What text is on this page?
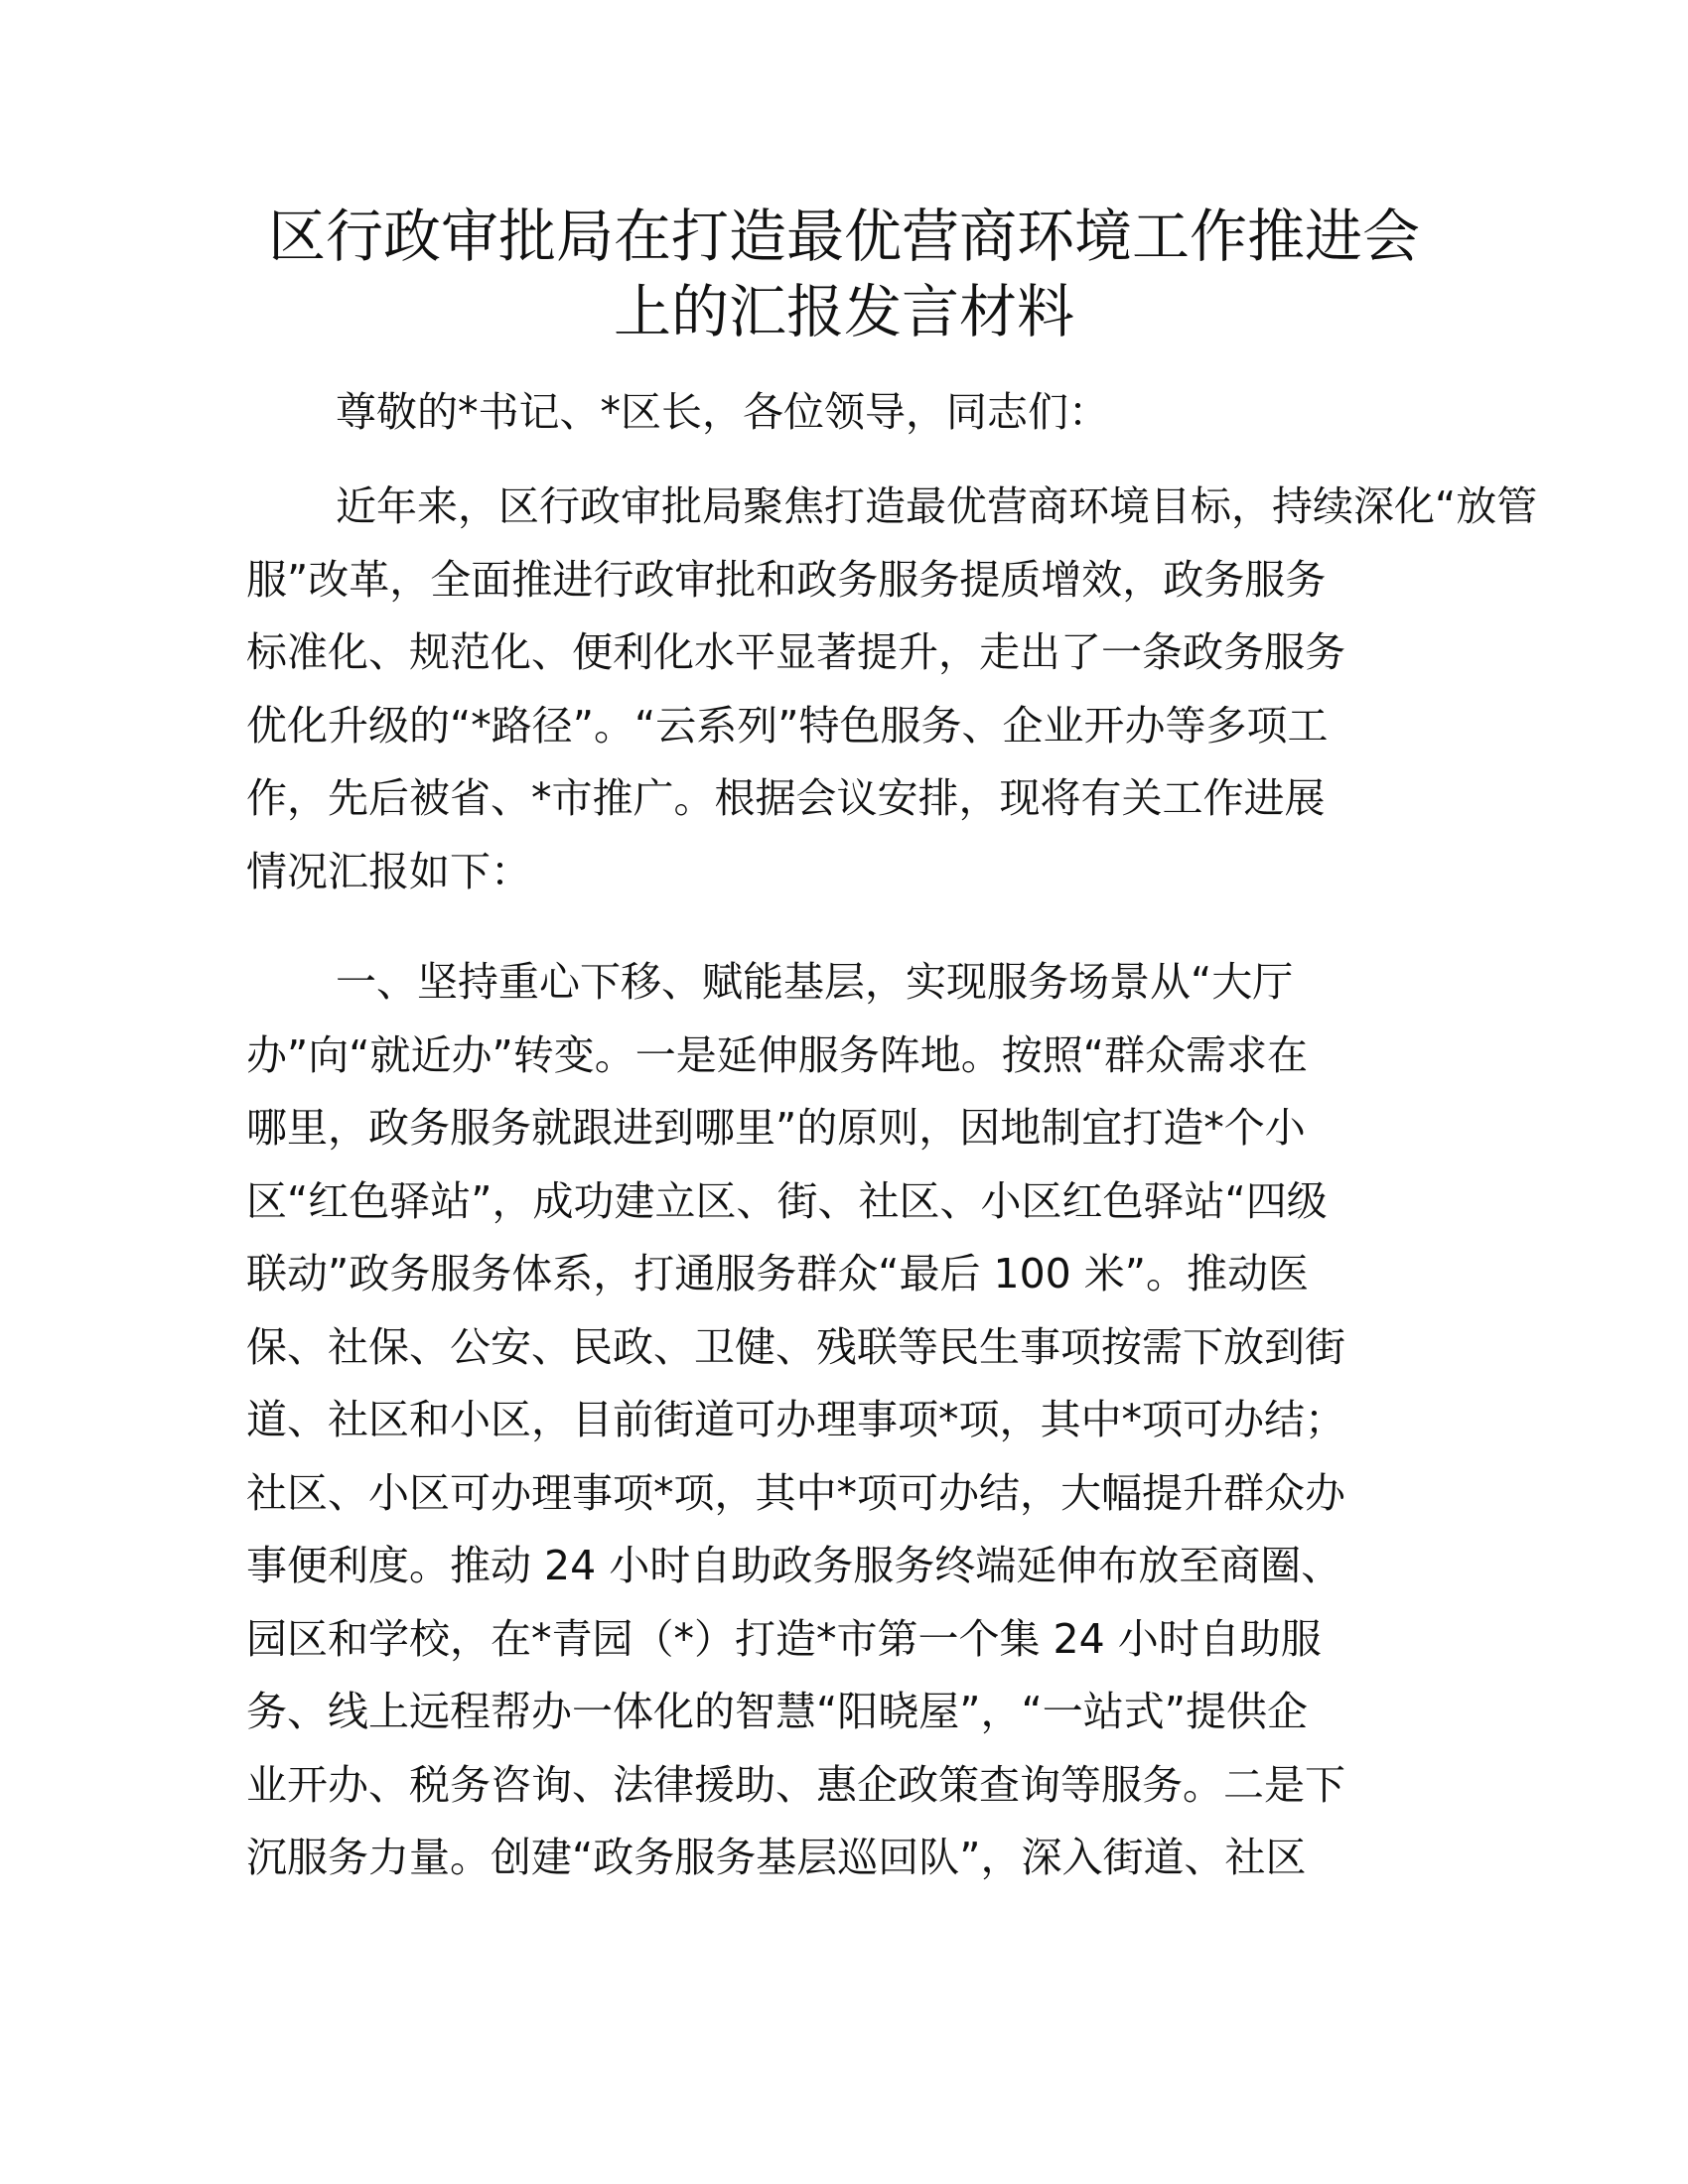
区行政审批局在打造最优营商环境工作推进会
上的汇报发言材料

尊敬的*书记、*区长，各位领导，同志们：

近年来，区行政审批局聚焦打造最优营商环境目标，持续深化“放管
服”改革，全面推进行政审批和政务服务提质增效，政务服务
标准化、规范化、便利化水平显著提升，走出了一条政务服务
优化升级的“*路径”。“云系列”特色服务、企业开办等多项工
作，先后被省、*市推广。根据会议安排，现将有关工作进展
情况汇报如下：
一、坚持重心下移、赋能基层，实现服务场景从“大厅
办”向“就近办”转变。一是延伸服务阵地。按照“群众需求在
哪里，政务服务就跟进到哪里”的原则，因地制宜打造*个小
区“红色驿站”，成功建立区、街、社区、小区红色驿站“四级
联动”政务服务体系，打通服务群众“最后 100 米”。推动医
保、社保、公安、民政、卫健、残联等民生事项按需下放到街
道、社区和小区，目前街道可办理事项*项，其中*项可办结；
社区、小区可办理事项*项，其中*项可办结，大幅提升群众办
事便利度。推动 24 小时自助政务服务终端延伸布放至商圈、
园区和学校，在*青园（*）打造*市第一个集 24 小时自助服
务、线上远程帮办一体化的智慧“阳晓屋”，“一站式”提供企
业开办、税务咨询、法律援助、惠企政策查询等服务。二是下
沉服务力量。创建“政务服务基层巡回队”，深入街道、社区
